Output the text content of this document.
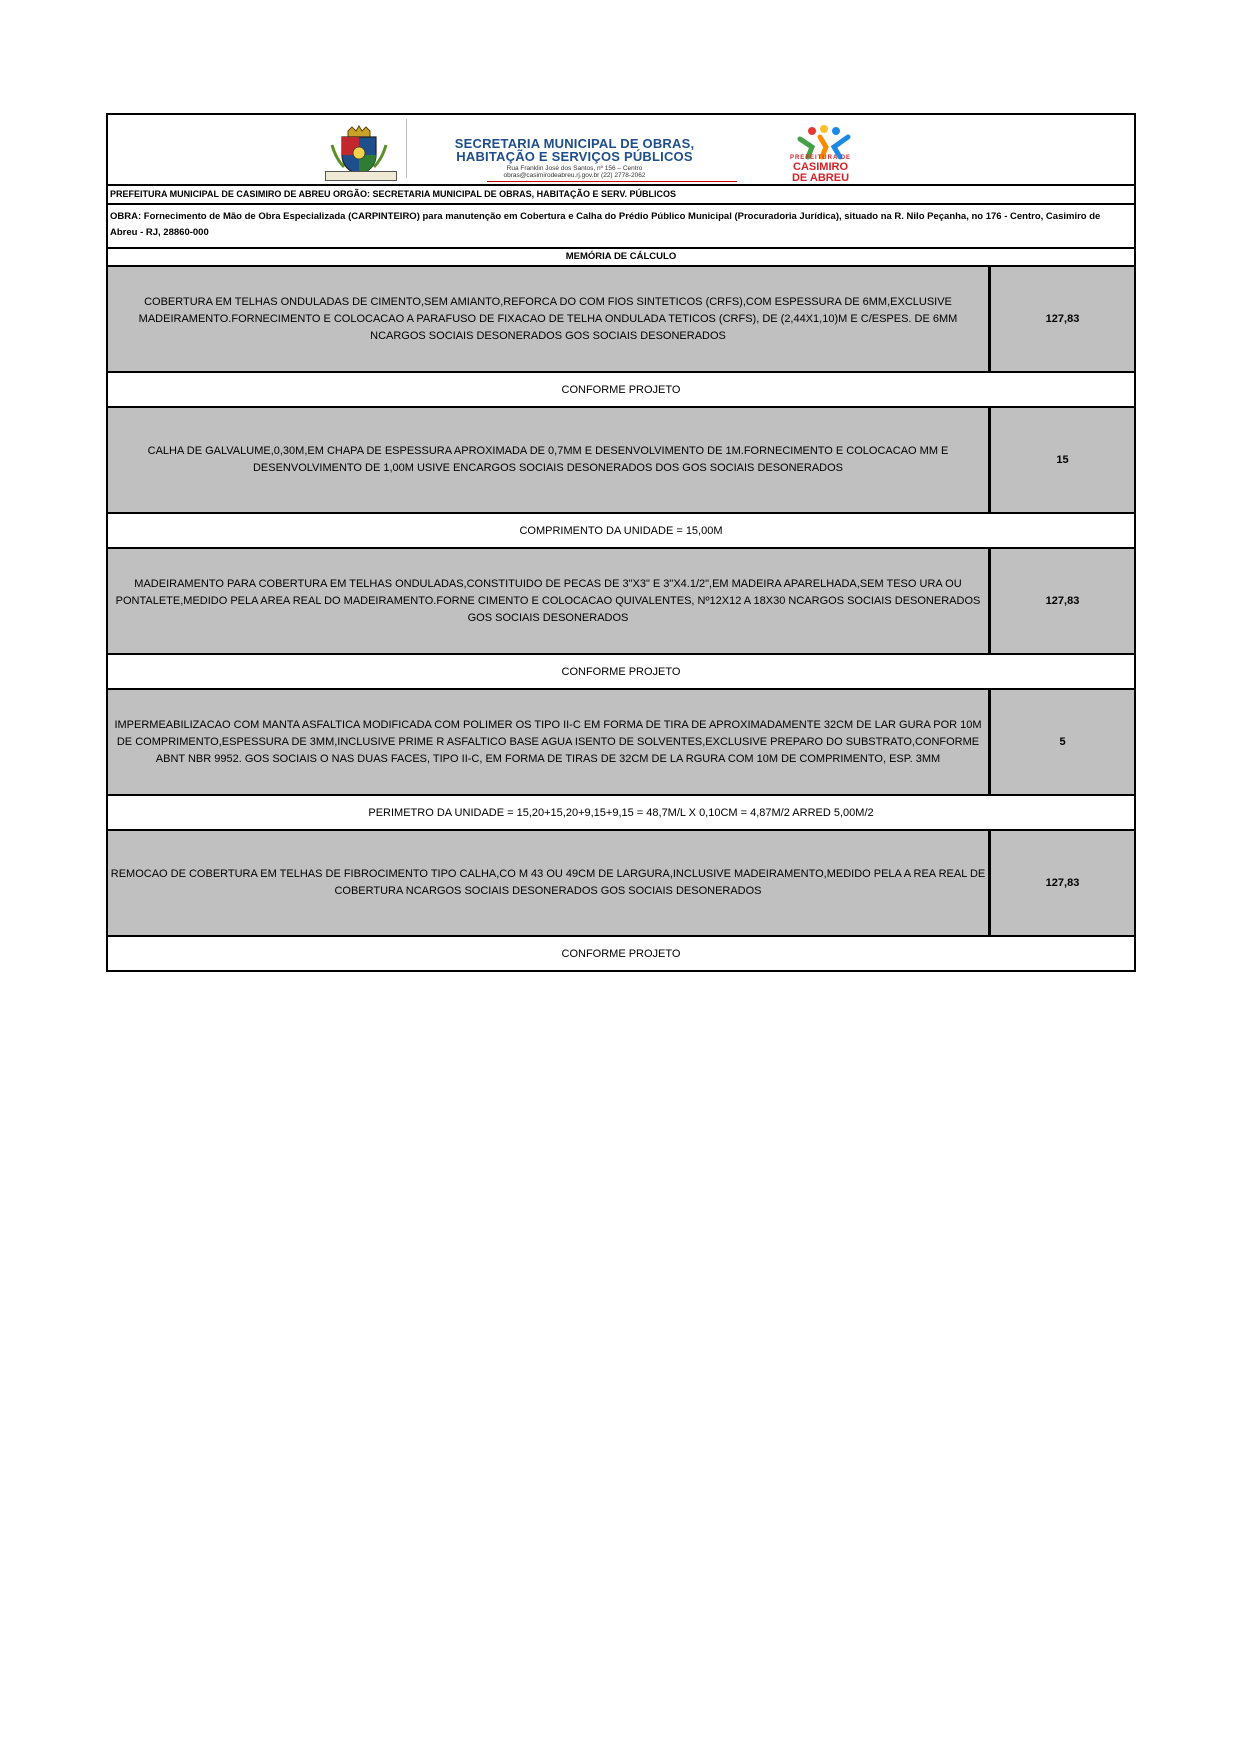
SECRETARIA MUNICIPAL DE OBRAS,
HABITAÇÃO E SERVIÇOS PÚBLICOS
Rua Franklin José dos Santos, nº 156 – Centro
obras@casimirodeabreu.rj.gov.br (22) 2778-2062
PREFEITURA DE
CASIMIRO
DE ABREU
PREFEITURA MUNICIPAL DE CASIMIRO DE ABREU ORGÃO: SECRETARIA MUNICIPAL DE OBRAS, HABITAÇÃO E SERV. PÚBLICOS
OBRA: Fornecimento de Mão de Obra Especializada (CARPINTEIRO) para manutenção em Cobertura e Calha do Prédio Público Municipal (Procuradoria Jurídica), situado na R. Nilo Peçanha, no 176 - Centro, Casimiro de Abreu - RJ, 28860-000
MEMÓRIA DE CÁLCULO
COBERTURA EM TELHAS ONDULADAS DE CIMENTO,SEM AMIANTO,REFORCA DO COM FIOS SINTETICOS (CRFS),COM ESPESSURA DE 6MM,EXCLUSIVE MADEIRAMENTO.FORNECIMENTO E COLOCACAO A PARAFUSO DE FIXACAO DE TELHA ONDULADA TETICOS (CRFS), DE (2,44X1,10)M E C/ESPES. DE 6MM NCARGOS SOCIAIS DESONERADOS GOS SOCIAIS DESONERADOS
127,83
CONFORME PROJETO
CALHA DE GALVALUME,0,30M,EM CHAPA DE ESPESSURA APROXIMADA DE 0,7MM E DESENVOLVIMENTO DE 1M.FORNECIMENTO E COLOCACAO MM E DESENVOLVIMENTO DE 1,00M USIVE ENCARGOS SOCIAIS DESONERADOS DOS GOS SOCIAIS DESONERADOS
15
COMPRIMENTO DA UNIDADE = 15,00M
MADEIRAMENTO PARA COBERTURA EM TELHAS ONDULADAS,CONSTITUIDO DE PECAS DE 3"X3" E 3"X4.1/2",EM MADEIRA APARELHADA,SEM TESO URA OU PONTALETE,MEDIDO PELA AREA REAL DO MADEIRAMENTO.FORNE CIMENTO E COLOCACAO QUIVALENTES, Nº12X12 A 18X30 NCARGOS SOCIAIS DESONERADOS GOS SOCIAIS DESONERADOS
127,83
CONFORME PROJETO
IMPERMEABILIZACAO COM MANTA ASFALTICA MODIFICADA COM POLIMER OS TIPO II-C EM FORMA DE TIRA DE APROXIMADAMENTE 32CM DE LAR GURA POR 10M DE COMPRIMENTO,ESPESSURA DE 3MM,INCLUSIVE PRIME R ASFALTICO BASE AGUA ISENTO DE SOLVENTES,EXCLUSIVE PREPARO DO SUBSTRATO,CONFORME ABNT NBR 9952. GOS SOCIAIS O NAS DUAS FACES, TIPO II-C, EM FORMA DE TIRAS DE 32CM DE LA RGURA COM 10M DE COMPRIMENTO, ESP. 3MM
5
PERIMETRO DA UNIDADE = 15,20+15,20+9,15+9,15 = 48,7M/L X 0,10CM = 4,87M/2 ARRED 5,00M/2
REMOCAO DE COBERTURA EM TELHAS DE FIBROCIMENTO TIPO CALHA,CO M 43 OU 49CM DE LARGURA,INCLUSIVE MADEIRAMENTO,MEDIDO PELA A REA REAL DE COBERTURA NCARGOS SOCIAIS DESONERADOS GOS SOCIAIS DESONERADOS
127,83
CONFORME PROJETO
